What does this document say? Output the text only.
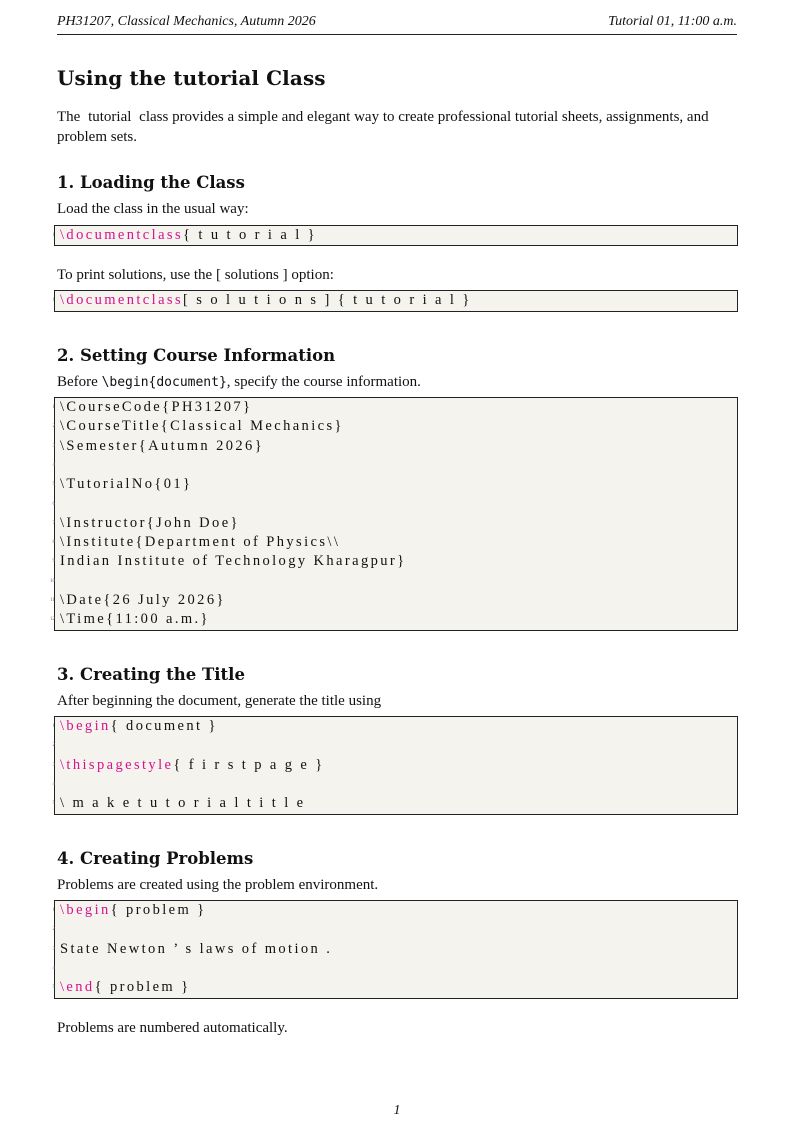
PH31207, Classical Mechanics, Autumn 2026	Tutorial 01, 11:00 a.m.
Using the tutorial Class

The tutorial class provides a simple and elegant way to create professional tutorial sheets, assignments, and problem sets.

1. Loading the Class

Load the class in the usual way:

1 \documentclass{ t u t o r i a l }

To print solutions, use the [ solutions ] option:

1 \documentclass[ s o l u t i o n s ] { t u t o r i a l }
2. Setting Course Information

Before \begin{document}, specify the course information.

1 \CourseCode{PH31207}
2 \CourseTitle{Classical Mechanics}
3 \Semester{Autumn 2026}
4
5 \TutorialNo{01}
6
7 \Instructor{John Doe}
8 \Institute{Department of Physics\\
9 Indian Institute of Technology Kharagpur}
10
11 \Date{26 July 2026}
12 \Time{11:00 a.m.}
3. Creating the Title

After beginning the document, generate the title using

1 \begin{ document }
2
3 \thispagestyle{ f i r s t p a g e }
4
5 \ m a k e t u t o r i a l t i t l e
4. Creating Problems

Problems are created using the problem environment.

1 \begin{ problem }
2
3 State Newton ’ s laws of motion .
4
5 \end{ problem }

Problems are numbered automatically.

1
